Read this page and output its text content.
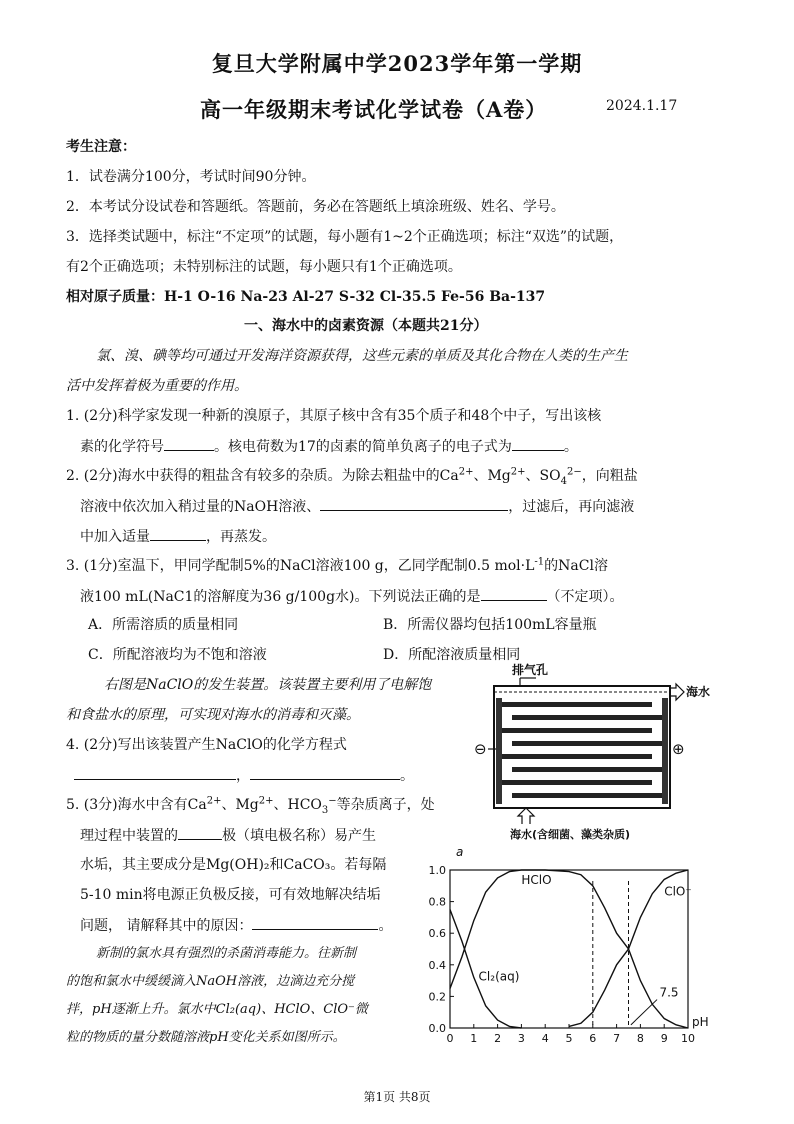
复旦大学附属中学2023学年第一学期
高一年级期末考试化学试卷（A卷）	2024.1.17
考生注意：
1．试卷满分100分，考试时间90分钟。
2．本考试分设试卷和答题纸。答题前，务必在答题纸上填涂班级、姓名、学号。
3．选择类试题中，标注“不定项”的试题，每小题有1~2个正确选项；标注“双选”的试题，
有2个正确选项；未特别标注的试题，每小题只有1个正确选项。
相对原子质量：H-1 O-16 Na-23 Al-27 S-32 Cl-35.5 Fe-56 Ba-137
一、海水中的卤素资源（本题共21分）
氯、溴、碘等均可通过开发海洋资源获得，这些元素的单质及其化合物在人类的生产生
活中发挥着极为重要的作用。
1. (2分)科学家发现一种新的溴原子，其原子核中含有35个质子和48个中子，写出该核
素的化学符号	。核电荷数为17的卤素的简单负离子的电子式为	。
2. (2分)海水中获得的粗盐含有较多的杂质。为除去粗盐中的$Ca^{2+}$、$Mg^{2+}$、$SO_4^{2-}$，向粗盐
溶液中依次加入稍过量的NaOH溶液、	，过滤后，再向滤液
中加入适量	，再蒸发。
3. (1分)室温下，甲同学配制5%的NaCl溶液100 g，乙同学配制0.5 $mol\cdot L^{-1}$的NaCl溶
液100 mL(NaC1的溶解度为36 g/100g水)。下列说法正确的是	（不定项）。
A．所需溶质的质量相同	B．所需仪器均包括100mL容量瓶
C．所配溶液均为不饱和溶液	D．所配溶液质量相同
右图是NaClO的发生装置。该装置主要利用了电解饱
和食盐水的原理，可实现对海水的消毒和灭藻。
4. (2分)写出该装置产生NaClO的化学方程式
，	。
5. (3分)海水中含有$Ca^{2+}$、$Mg^{2+}$、$HCO_3^-$等杂质离子，处
理过程中装置的	极（填电极名称）易产生
水垢，其主要成分是Mg(OH)₂和CaCO₃。若每隔
5-10 min将电源正负极反接，可有效地解决结垢
问题， 请解释其中的原因：	。
新制的氯水具有强烈的杀菌消毒能力。往新制
的饱和氯水中缓缓滴入NaOH溶液，边滴边充分搅
拌，pH逐渐上升。氯水中Cl₂(aq)、HClO、ClO⁻微
粒的物质的量分数随溶液pH变化关系如图所示。
排气孔
海水
⊖	⊕
海水(含细菌、藻类杂质)
0 1 2 3 4 5 6 7 8 9 10
0.0
0.2
0.4
0.6
0.8
1.0
a
pH
Cl₂(aq)
HClO
ClO⁻
7.5
第1页 共8页
